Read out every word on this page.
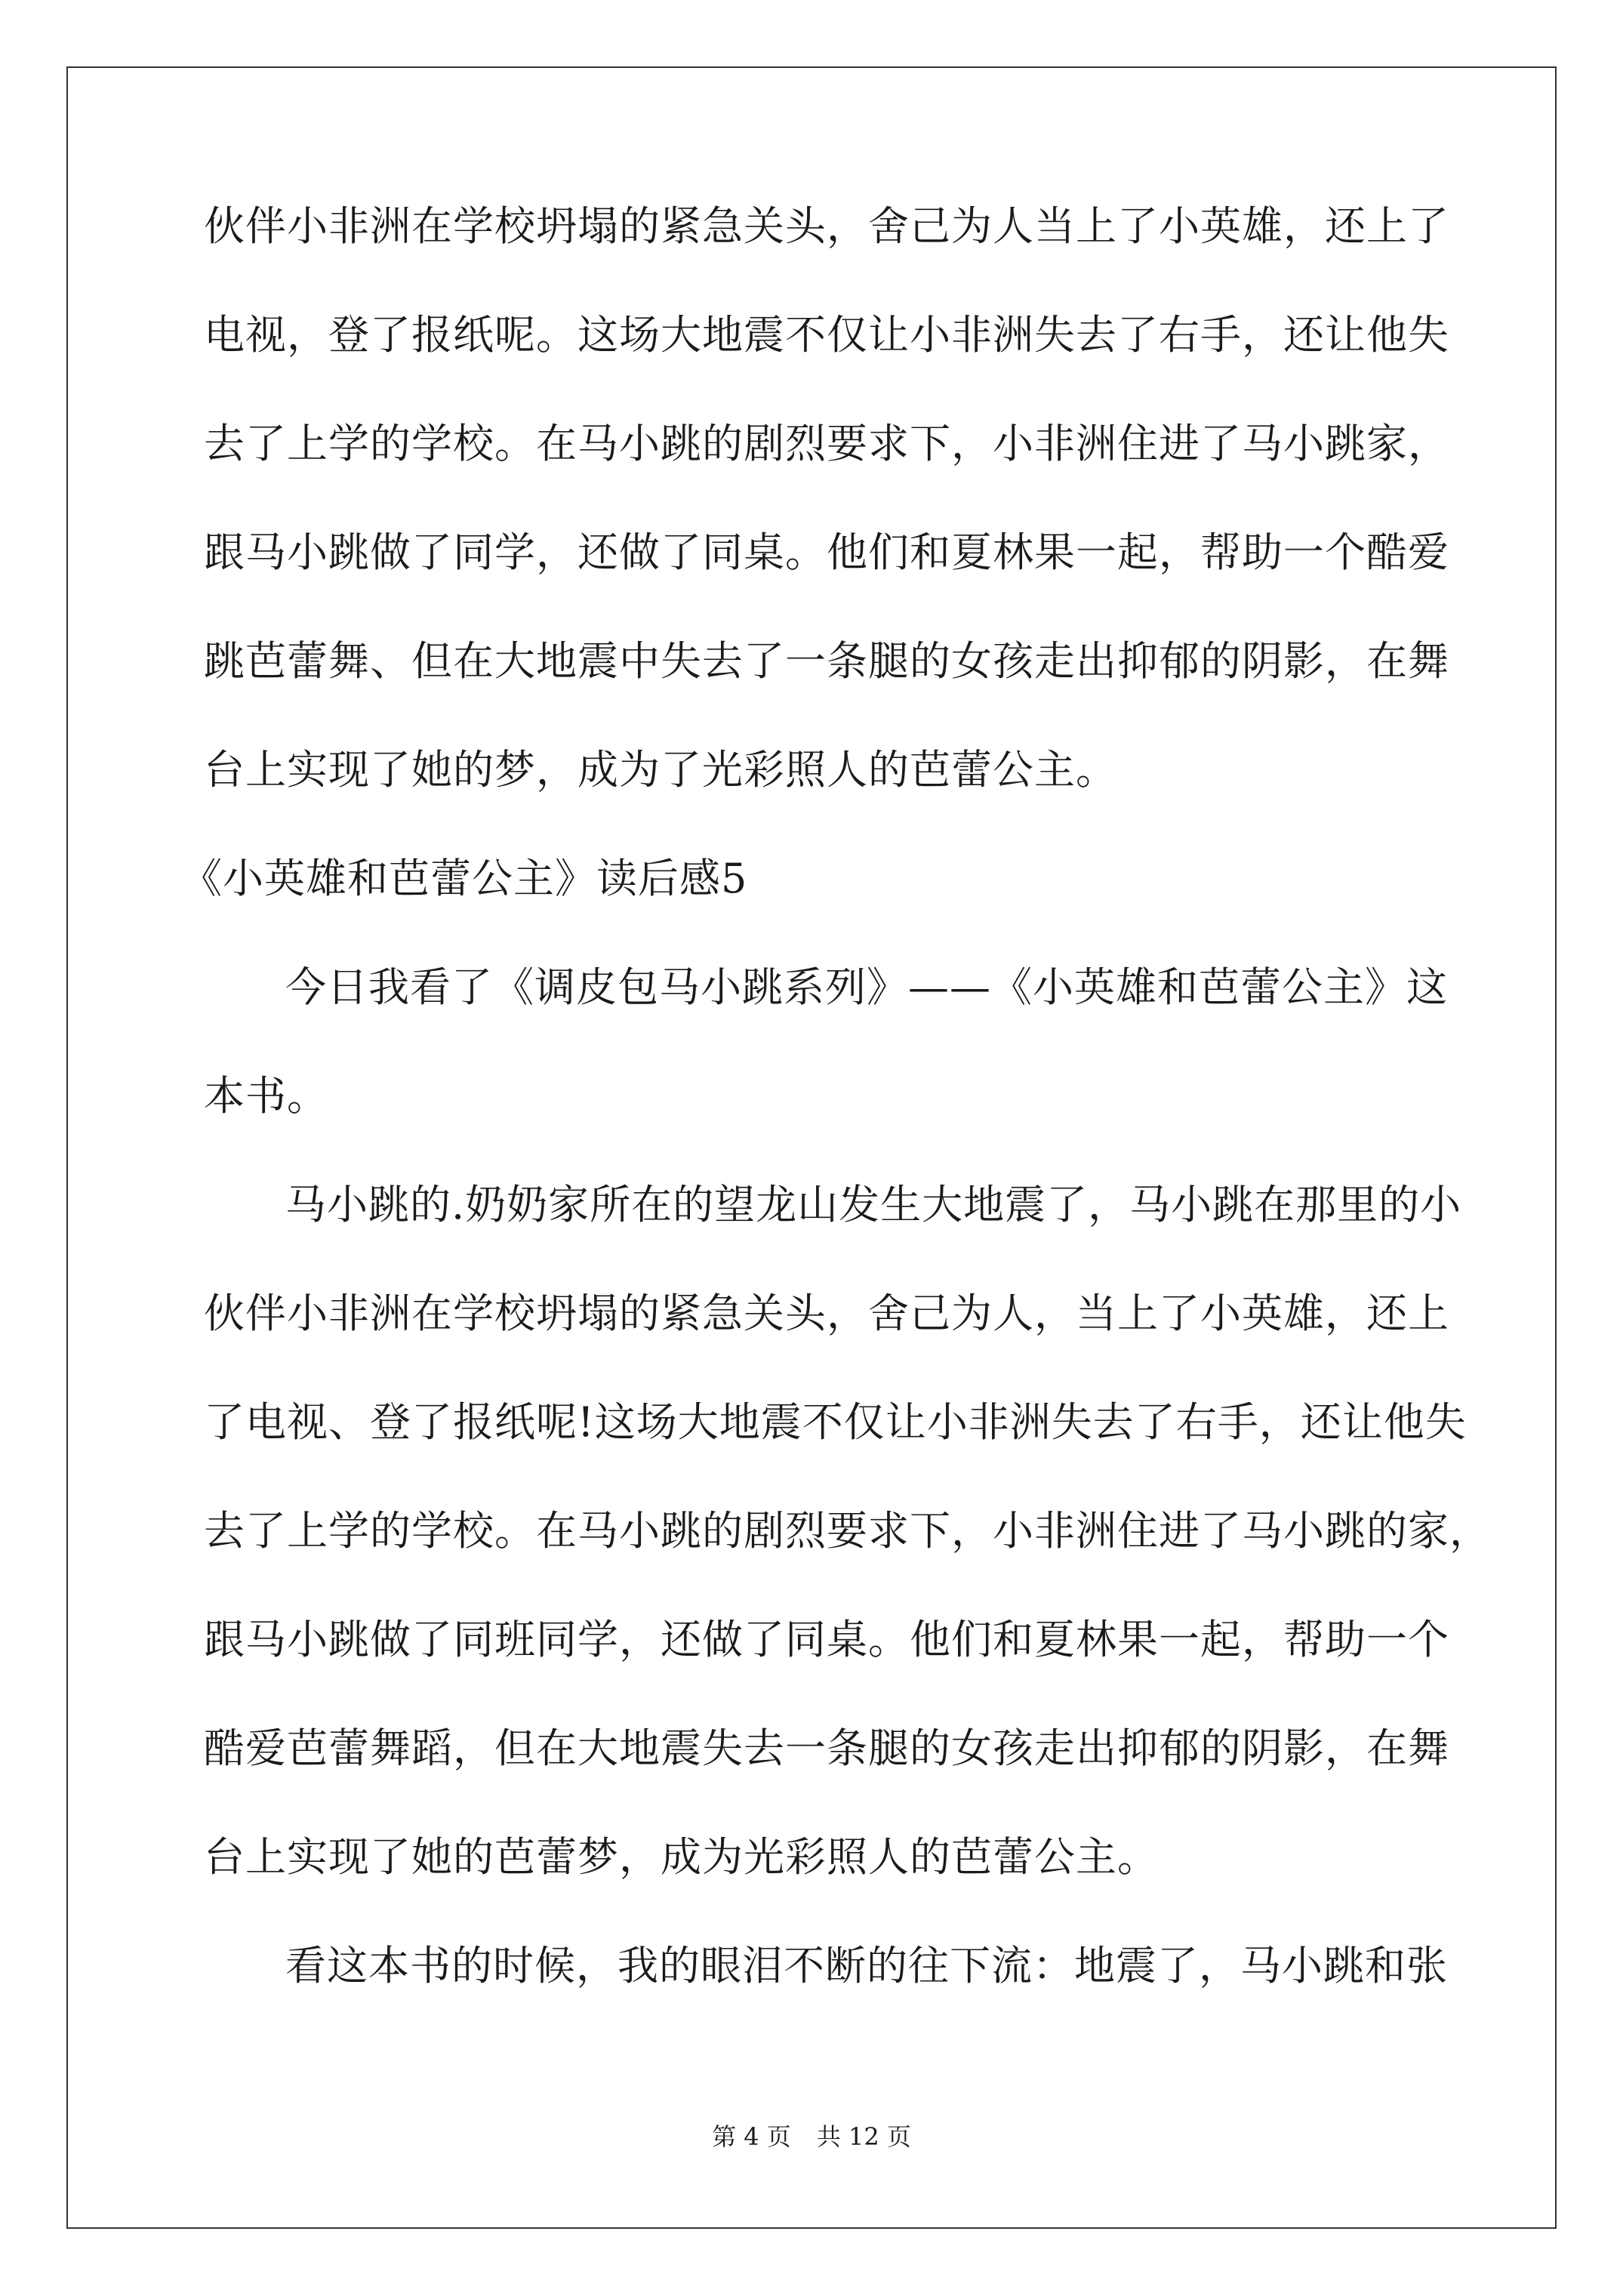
伙伴小非洲在学校坍塌的紧急关头，舍己为人当上了小英雄，还上了
电视，登了报纸呢。这场大地震不仅让小非洲失去了右手，还让他失
去了上学的学校。在马小跳的剧烈要求下，小非洲住进了马小跳家，
跟马小跳做了同学，还做了同桌。他们和夏林果一起，帮助一个酷爱
跳芭蕾舞、但在大地震中失去了一条腿的女孩走出抑郁的阴影，在舞
台上实现了她的梦，成为了光彩照人的芭蕾公主。
《小英雄和芭蕾公主》读后感5
今日我看了《调皮包马小跳系列》——《小英雄和芭蕾公主》这
本书。
马小跳的.奶奶家所在的望龙山发生大地震了，马小跳在那里的小
伙伴小非洲在学校坍塌的紧急关头，舍己为人，当上了小英雄，还上
了电视、登了报纸呢!这场大地震不仅让小非洲失去了右手，还让他失
去了上学的学校。在马小跳的剧烈要求下，小非洲住进了马小跳的家，
跟马小跳做了同班同学，还做了同桌。他们和夏林果一起，帮助一个
酷爱芭蕾舞蹈，但在大地震失去一条腿的女孩走出抑郁的阴影，在舞
台上实现了她的芭蕾梦，成为光彩照人的芭蕾公主。
看这本书的时候，我的眼泪不断的往下流：地震了，马小跳和张
第 4 页 共 12 页
